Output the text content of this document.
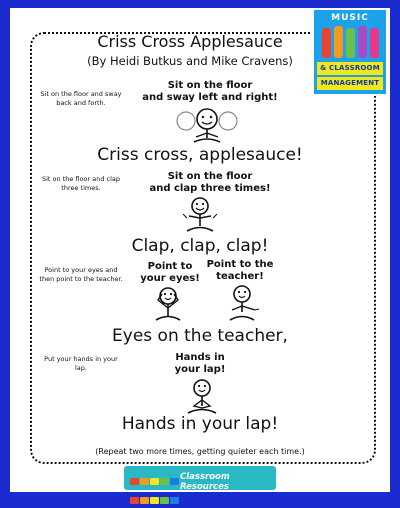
MUSIC
& CLASSROOM
MANAGEMENT
Criss Cross Applesauce
(By Heidi Butkus and Mike Cravens)
Sit on the floor and sway back and forth.
Sit on the floor
and sway left and right!
Criss cross, applesauce!
Sit on the floor and clap three times.
Sit on the floor
and clap three times!
Clap, clap, clap!
Point to your eyes and then point to the teacher.
Point to
your eyes!
Point to the
teacher!
Eyes on the teacher,
Put your hands in your lap.
Hands in
your lap!
Hands in your lap!
(Repeat two more times, getting quieter each time.)

Classroom Resources
